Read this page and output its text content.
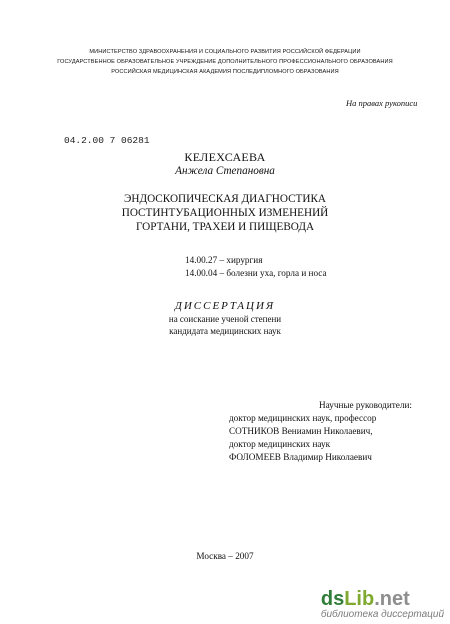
МИНИСТЕРСТВО ЗДРАВООХРАНЕНИЯ И СОЦИАЛЬНОГО РАЗВИТИЯ РОССИЙСКОЙ ФЕДЕРАЦИИ
ГОСУДАРСТВЕННОЕ ОБРАЗОВАТЕЛЬНОЕ УЧРЕЖДЕНИЕ ДОПОЛНИТЕЛЬНОГО ПРОФЕССИОНАЛЬНОГО ОБРАЗОВАНИЯ
РОССИЙСКАЯ МЕДИЦИНСКАЯ АКАДЕМИЯ ПОСЛЕДИПЛОМНОГО ОБРАЗОВАНИЯ
На правах рукописи
04.2.00 7 06281
КЕЛЕХСАЕВА
Анжела Степановна
ЭНДОСКОПИЧЕСКАЯ ДИАГНОСТИКА
ПОСТИНТУБАЦИОННЫХ ИЗМЕНЕНИЙ
ГОРТАНИ, ТРАХЕИ И ПИЩЕВОДА
14.00.27 – хирургия
14.00.04 – болезни уха, горла и носа
ДИССЕРТАЦИЯ
на соискание ученой степени
кандидата медицинских наук
Научные руководители:
доктор медицинских наук, профессор
СОТНИКОВ Вениамин Николаевич,
доктор медицинских наук
ФОЛОМЕЕВ Владимир Николаевич
Москва – 2007
dsLib.net
библиотека диссертаций
